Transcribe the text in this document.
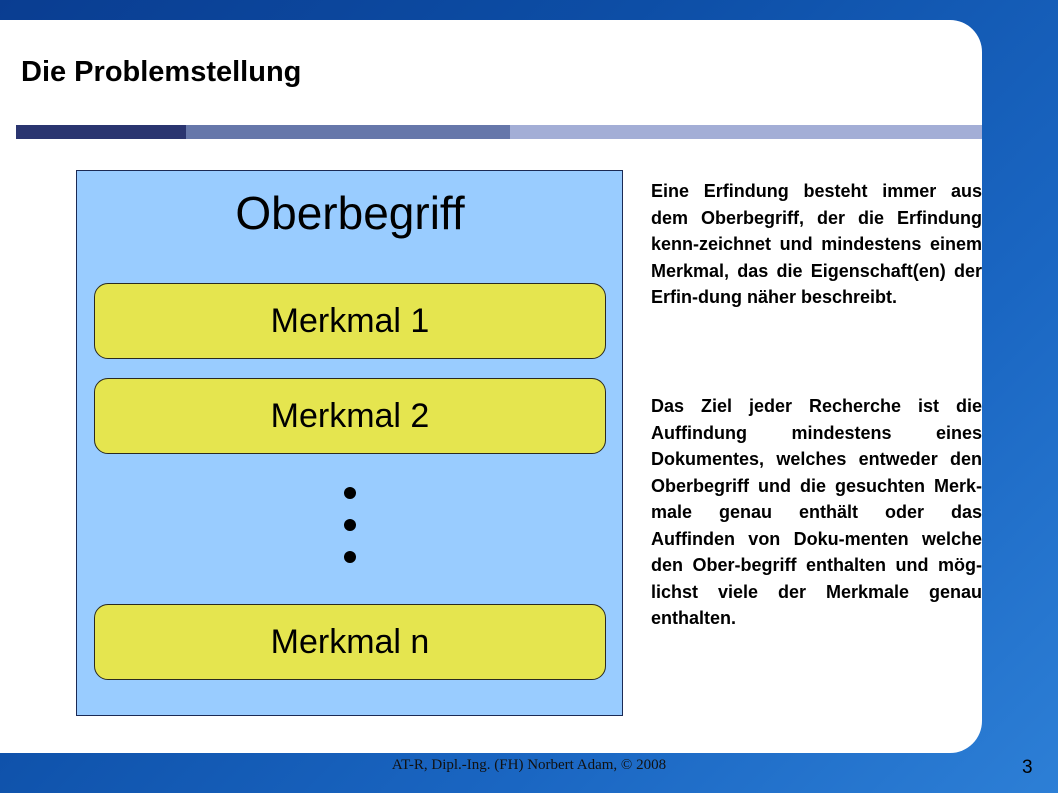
Die Problemstellung
Oberbegriff
Merkmal 1
Merkmal 2
Merkmal n

Eine Erfindung besteht immer aus dem Oberbegriff, der die Erfindung kenn-zeichnet und mindestens einem Merkmal, das die Eigenschaft(en) der Erfin-dung näher beschreibt.

Das Ziel jeder Recherche ist die Auffindung mindestens eines Dokumentes, welches entweder den Oberbegriff und die gesuchten Merk-male genau enthält oder das Auffinden von Doku-menten welche den Ober-begriff enthalten und mög-lichst viele der Merkmale genau enthalten.

AT-R, Dipl.-Ing. (FH) Norbert Adam, © 2008	3
